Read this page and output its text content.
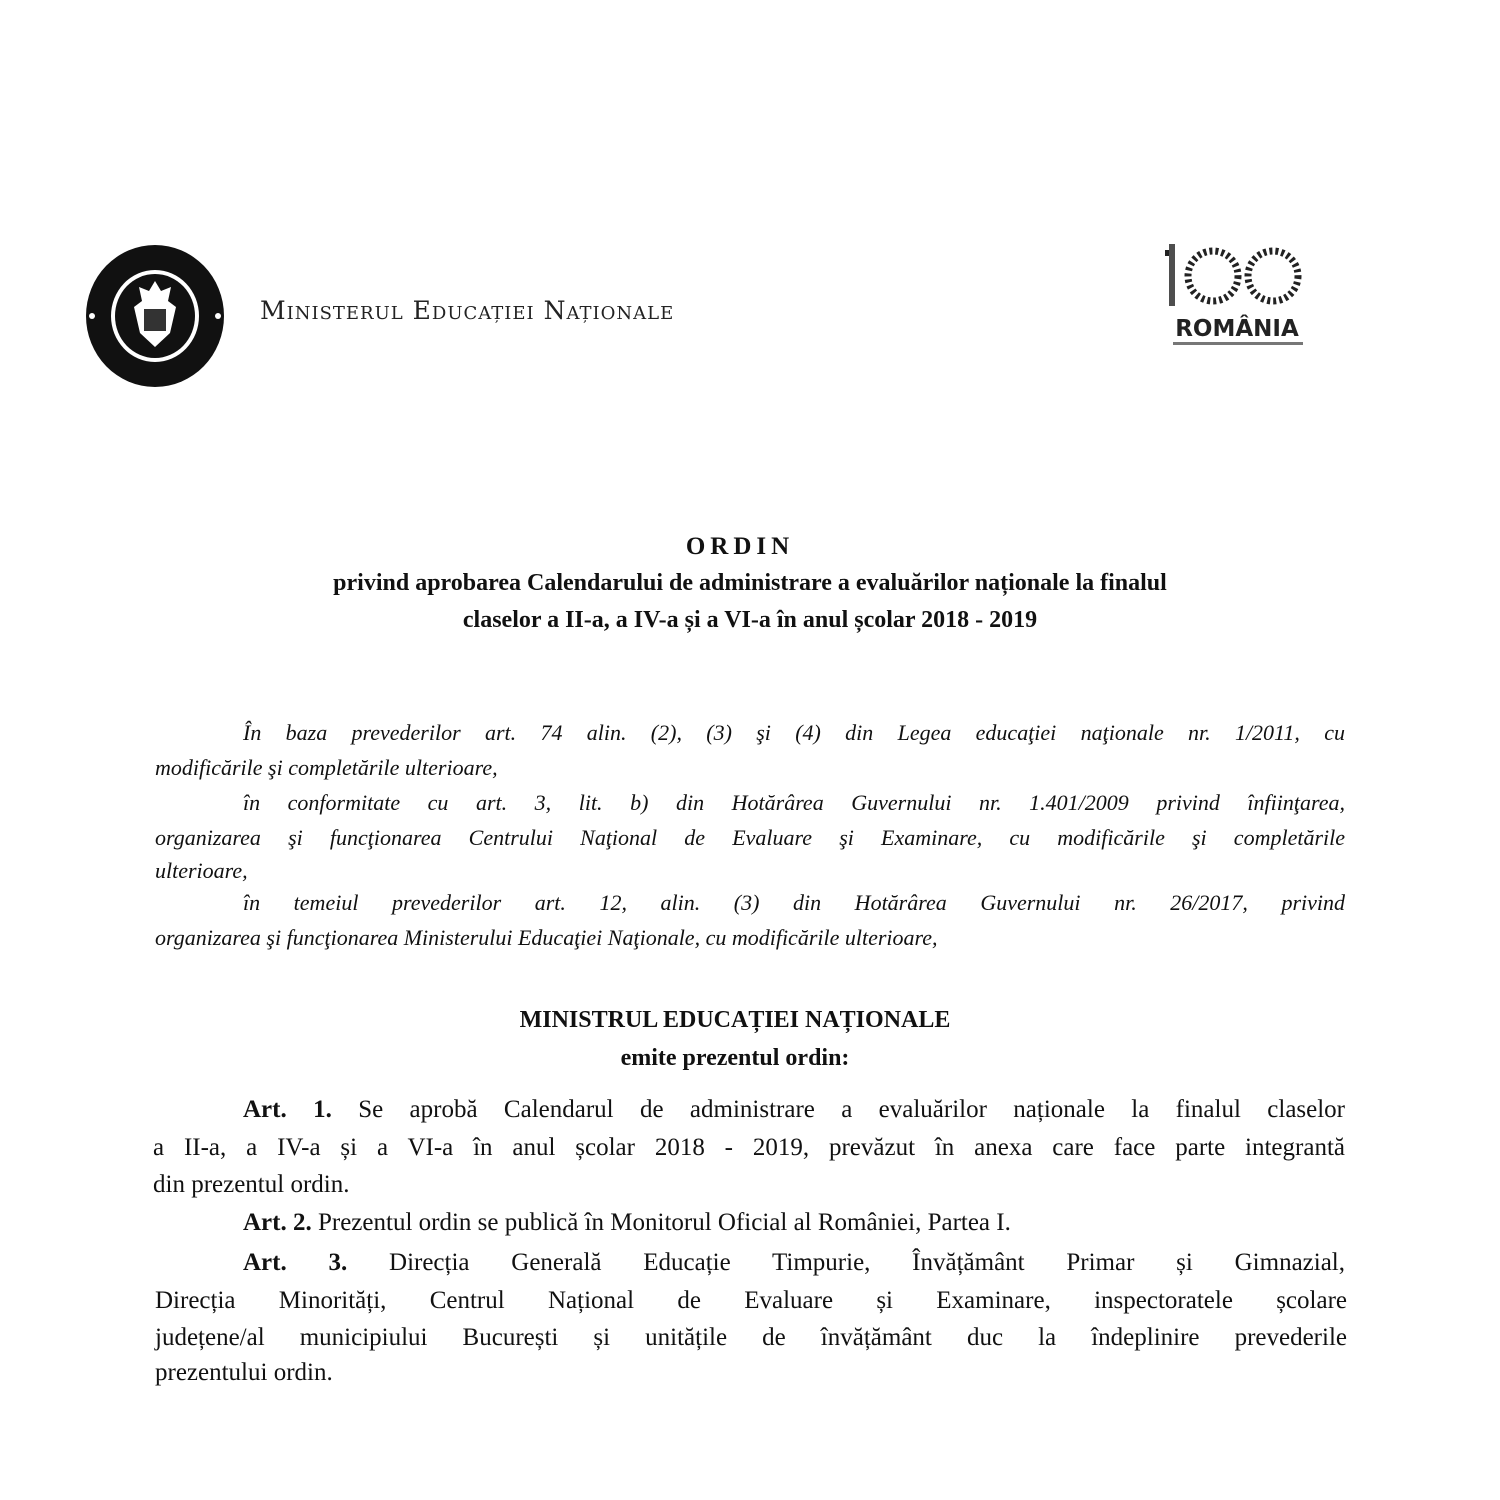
Ministerul Educației Naționale
ROMÂNIA
ORDIN
privind aprobarea Calendarului de administrare a evaluărilor naționale la finalul
claselor a II-a, a IV-a și a VI-a în anul școlar 2018 - 2019
În baza prevederilor art. 74 alin. (2), (3) şi (4) din Legea educaţiei naţionale nr. 1/2011, cu
modificările şi completările ulterioare,
în conformitate cu art. 3, lit. b) din Hotărârea Guvernului nr. 1.401/2009 privind înfiinţarea,
organizarea şi funcţionarea Centrului Naţional de Evaluare şi Examinare, cu modificările şi completările
ulterioare,
în temeiul prevederilor art. 12, alin. (3) din Hotărârea Guvernului nr. 26/2017, privind
organizarea şi funcţionarea Ministerului Educaţiei Naţionale, cu modificările ulterioare,
MINISTRUL EDUCAȚIEI NAȚIONALE
emite prezentul ordin:
Art. 1. Se aprobă Calendarul de administrare a evaluărilor naționale la finalul claselor
a II-a, a IV-a și a VI-a în anul școlar 2018 - 2019, prevăzut în anexa care face parte integrantă
din prezentul ordin.
Art. 2. Prezentul ordin se publică în Monitorul Oficial al României, Partea I.
Art. 3. Direcția Generală Educație Timpurie, Învățământ Primar și Gimnazial,
Direcția Minorități, Centrul Național de Evaluare și Examinare, inspectoratele școlare
județene/al municipiului București și unitățile de învățământ duc la îndeplinire prevederile
prezentului ordin.
